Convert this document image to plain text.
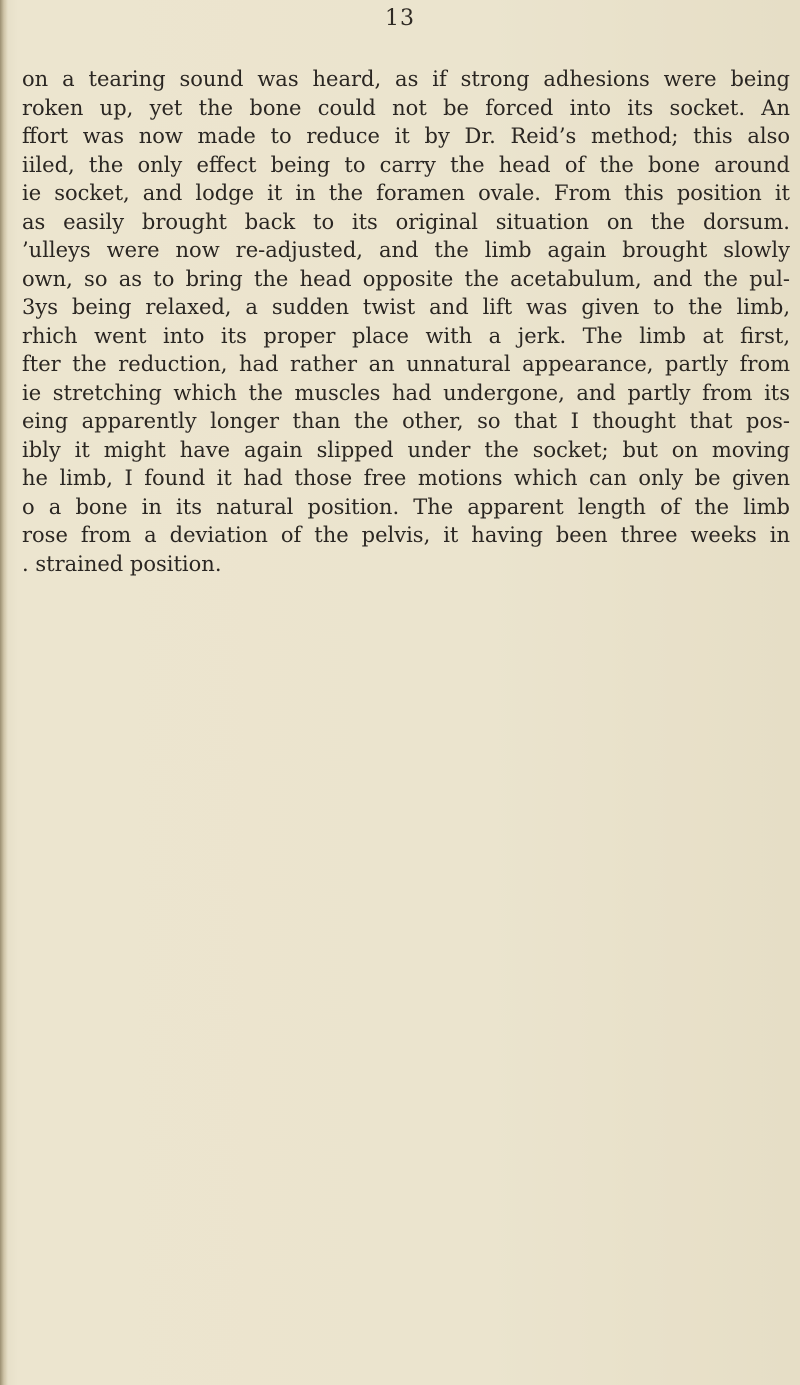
13
on a tearing sound was heard, as if strong adhesions were being
roken up, yet the bone could not be forced into its socket. An
ffort was now made to reduce it by Dr. Reid’s method; this also
iiled, the only effect being to carry the head of the bone around
ie socket, and lodge it in the foramen ovale. From this position it
as easily brought back to its original situation on the dorsum.
’ulleys were now re-adjusted, and the limb again brought slowly
own, so as to bring the head opposite the acetabulum, and the pul-
3ys being relaxed, a sudden twist and lift was given to the limb,
rhich went into its proper place with a jerk. The limb at first,
fter the reduction, had rather an unnatural appearance, partly from
ie stretching which the muscles had undergone, and partly from its
eing apparently longer than the other, so that I thought that pos-
ibly it might have again slipped under the socket; but on moving
he limb, I found it had those free motions which can only be given
o a bone in its natural position. The apparent length of the limb
rose from a deviation of the pelvis, it having been three weeks in
. strained position.
